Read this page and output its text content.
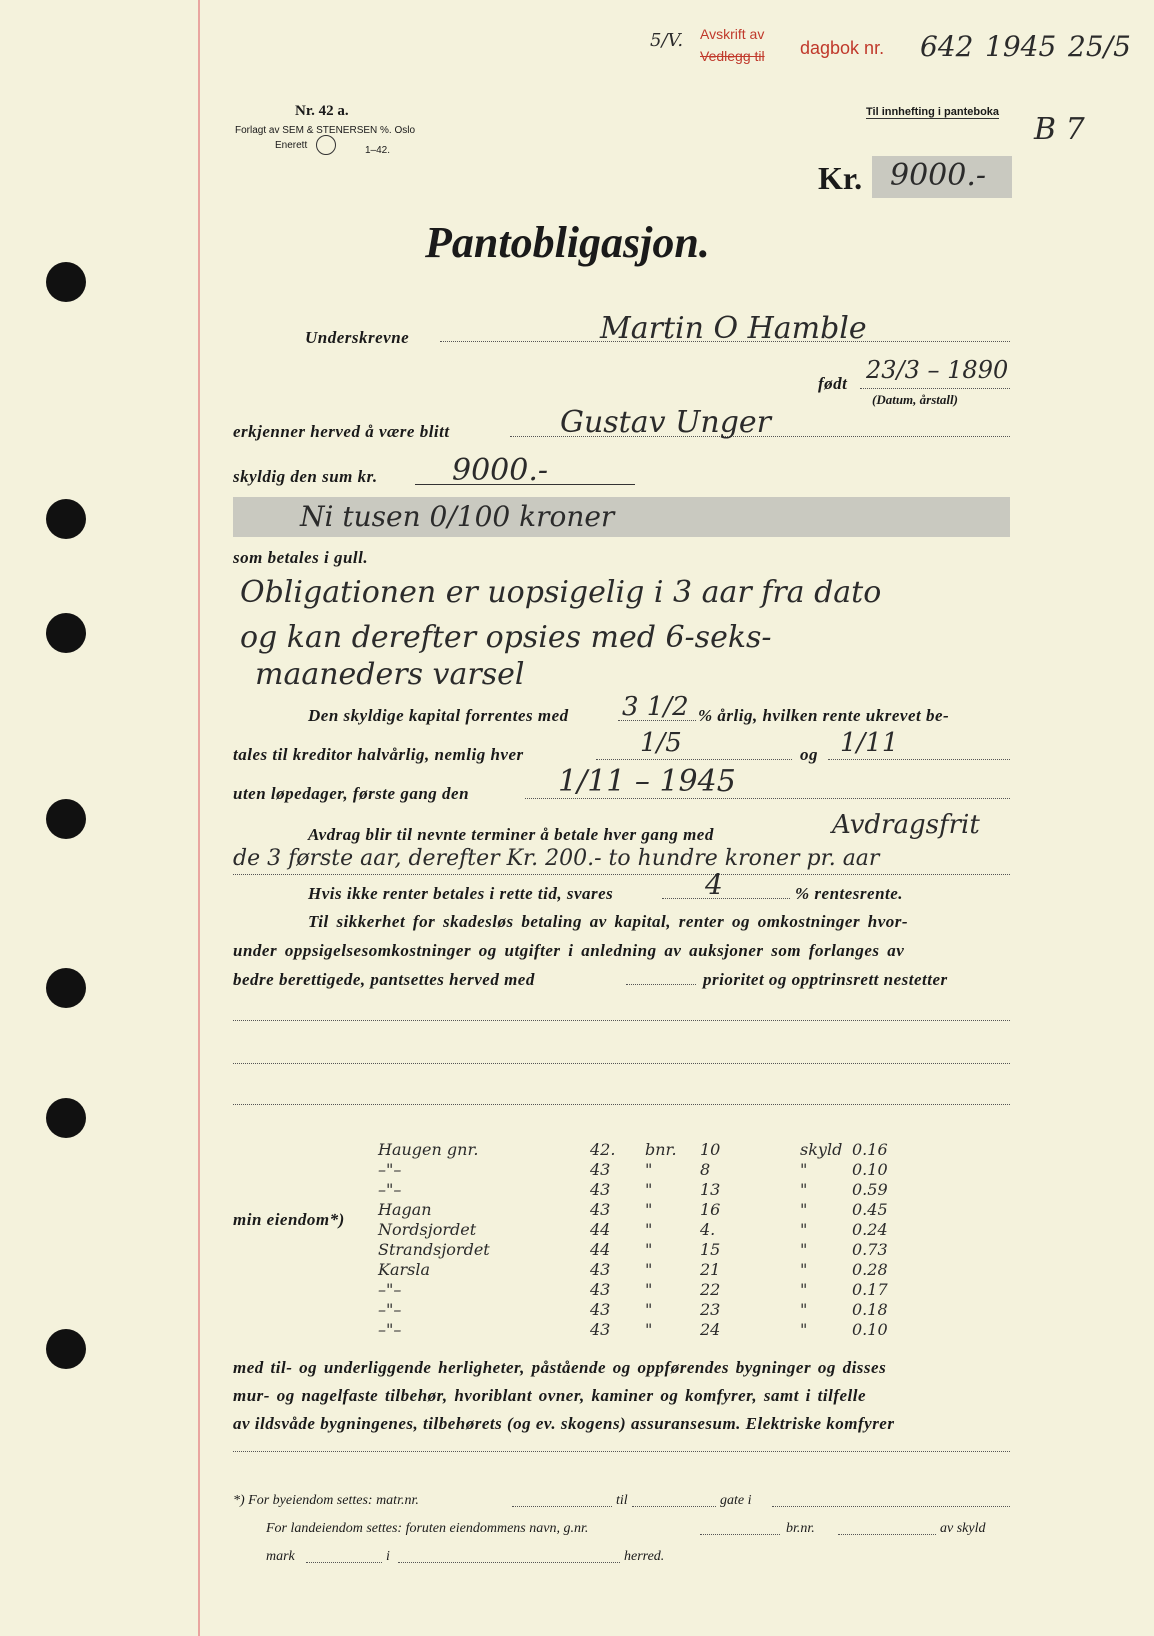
5/V. Avskrift av
Vedlegg til dagbok nr. 642 1945 25/5
Nr. 42 a.
Forlagt av SEM & STENERSEN %. Oslo
Enerett	1–42.
Til innhefting i panteboka B 7
Kr. 9000.-
Pantobligasjon.
Underskrevne	Martin O Hamble
født 23/3 – 1890
(Datum, årstall)
erkjenner herved å være blitt	Gustav Unger
skyldig den sum kr. 9000.-
Ni tusen 0/100 kroner
som betales i gull.
Obligationen er uopsigelig i 3 aar fra dato
og kan derefter opsies med 6-seks-
maaneders varsel
Den skyldige kapital forrentes med 3 1/2 % årlig, hvilken rente ukrevet be-
tales til kreditor halvårlig, nemlig hver	1/5	og 1/11
uten løpedager, første gang den	1/11 – 1945
Avdrag blir til nevnte terminer å betale hver gang med	Avdragsfrit
de 3 første aar, derefter Kr. 200.- to hundre kroner pr. aar
Hvis ikke renter betales i rette tid, svares	4	% rentesrente.
Til sikkerhet for skadesløs betaling av kapital, renter og omkostninger hvor-
under oppsigelsesomkostninger og utgifter i anledning av auksjoner som forlanges av
bedre berettigede, pantsettes herved med	prioritet og opptrinsrett nestetter
min eiendom*)
Haugen gnr.	42. bnr. 10	skyld 0.16
–"–	43 "	8	"	0.10
–"–	43 "	13	"	0.59
Hagan	43 "	16	"	0.45
Nordsjordet	44 "	4.	"	0.24
Strandsjordet	44 "	15	"	0.73
Karsla	43 "	21	"	0.28
–"–	43 "	22	"	0.17
–"–	43 "	23	"	0.18
–"–	43 "	24	"	0.10
med til- og underliggende herligheter, påstående og oppførendes bygninger og disses
mur- og nagelfaste tilbehør, hvoriblant ovner, kaminer og komfyrer, samt i tilfelle
av ildsvåde bygningenes, tilbehørets (og ev. skogens) assuransesum. Elektriske komfyrer
*) For byeiendom settes: matr.nr.	til	gate i
For landeiendom settes: foruten eiendommens navn, g.nr.	br.nr.	av skyld
mark	i	herred.
